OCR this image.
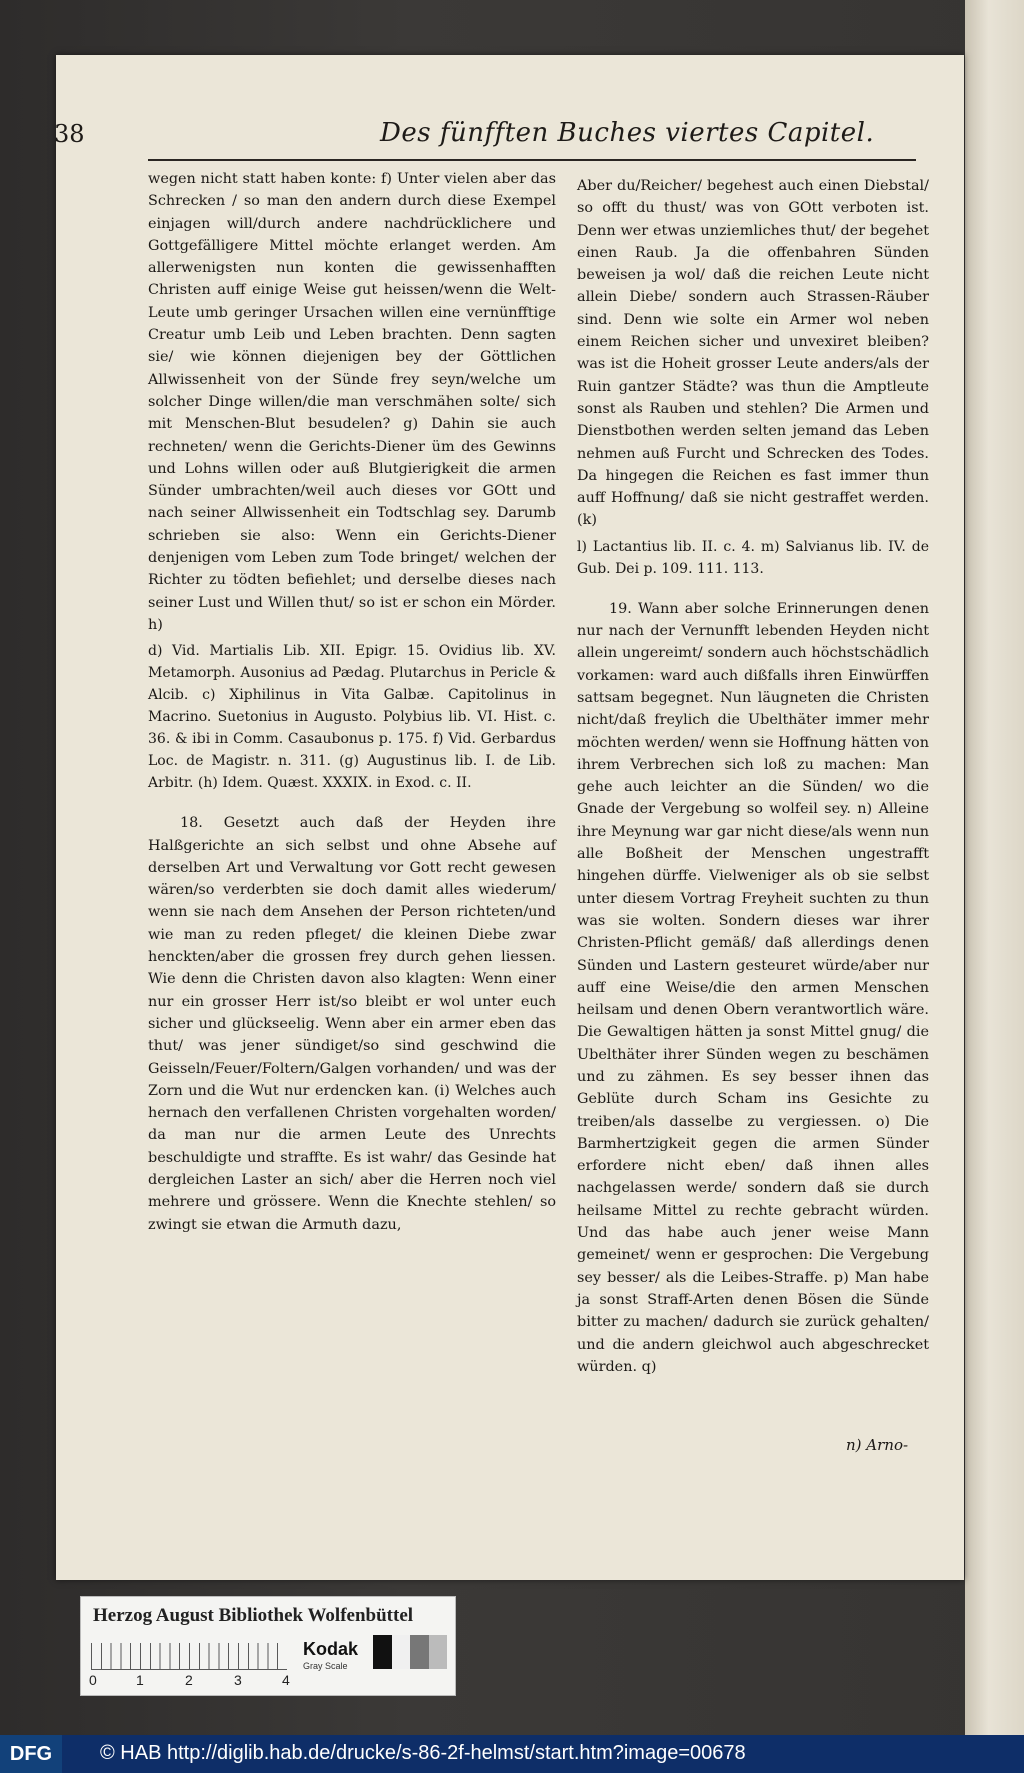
38	Des fünfften Buches viertes Capitel.

wegen nicht statt haben konte: f) Unter vielen aber das Schrecken / so man den andern durch diese Exempel einjagen will/durch andere nachdrücklichere und Gottgefälligere Mittel möchte erlanget werden. Am allerwenigsten nun konten die gewissenhafften Christen auff einige Weise gut heissen/wenn die Welt-Leute umb geringer Ursachen willen eine vernünfftige Creatur umb Leib und Leben brachten. Denn sagten sie/ wie können diejenigen bey der Göttlichen Allwissenheit von der Sünde frey seyn/welche um solcher Dinge willen/die man verschmähen solte/ sich mit Menschen-Blut besudelen? g) Dahin sie auch rechneten/ wenn die Gerichts-Diener üm des Gewinns und Lohns willen oder auß Blutgierigkeit die armen Sünder umbrachten/weil auch dieses vor GOtt und nach seiner Allwissenheit ein Todtschlag sey. Darumb schrieben sie also: Wenn ein Gerichts-Diener denjenigen vom Leben zum Tode bringet/ welchen der Richter zu tödten befiehlet; und derselbe dieses nach seiner Lust und Willen thut/ so ist er schon ein Mörder. h)

d) Vid. Martialis Lib. XII. Epigr. 15. Ovidius lib. XV. Metamorph. Ausonius ad Pædag. Plutarchus in Pericle & Alcib. c) Xiphilinus in Vita Galbæ. Capitolinus in Macrino. Suetonius in Augusto. Polybius lib. VI. Hist. c. 36. & ibi in Comm. Casaubonus p. 175. f) Vid. Gerbardus Loc. de Magistr. n. 311. (g) Augustinus lib. I. de Lib. Arbitr. (h) Idem. Quæst. XXXIX. in Exod. c. II.

18. Gesetzt auch daß der Heyden ihre Halßgerichte an sich selbst und ohne Absehe auf derselben Art und Verwaltung vor Gott recht gewesen wären/so verderbten sie doch damit alles wiederum/ wenn sie nach dem Ansehen der Person richteten/und wie man zu reden pfleget/ die kleinen Diebe zwar henckten/aber die grossen frey durch gehen liessen. Wie denn die Christen davon also klagten: Wenn einer nur ein grosser Herr ist/so bleibt er wol unter euch sicher und glückseelig. Wenn aber ein armer eben das thut/ was jener sündiget/so sind geschwind die Geisseln/Feuer/Foltern/Galgen vorhanden/ und was der Zorn und die Wut nur erdencken kan. (i) Welches auch hernach den verfallenen Christen vorgehalten worden/ da man nur die armen Leute des Unrechts beschuldigte und straffte. Es ist wahr/ das Gesinde hat dergleichen Laster an sich/ aber die Herren noch viel mehrere und grössere. Wenn die Knechte stehlen/ so zwingt sie etwan die Armuth dazu,

Aber du/Reicher/ begehest auch einen Diebstal/ so offt du thust/ was von GOtt verboten ist. Denn wer etwas unziemliches thut/ der begehet einen Raub. Ja die offenbahren Sünden beweisen ja wol/ daß die reichen Leute nicht allein Diebe/ sondern auch Strassen-Räuber sind. Denn wie solte ein Armer wol neben einem Reichen sicher und unvexiret bleiben? was ist die Hoheit grosser Leute anders/als der Ruin gantzer Städte? was thun die Amptleute sonst als Rauben und stehlen? Die Armen und Dienstbothen werden selten jemand das Leben nehmen auß Furcht und Schrecken des Todes. Da hingegen die Reichen es fast immer thun auff Hoffnung/ daß sie nicht gestraffet werden. (k)

l) Lactantius lib. II. c. 4. m) Salvianus lib. IV. de Gub. Dei p. 109. 111. 113.

19. Wann aber solche Erinnerungen denen nur nach der Vernunfft lebenden Heyden nicht allein ungereimt/ sondern auch höchstschädlich vorkamen: ward auch dißfalls ihren Einwürffen sattsam begegnet. Nun läugneten die Christen nicht/daß freylich die Ubelthäter immer mehr möchten werden/ wenn sie Hoffnung hätten von ihrem Verbrechen sich loß zu machen: Man gehe auch leichter an die Sünden/ wo die Gnade der Vergebung so wolfeil sey. n) Alleine ihre Meynung war gar nicht diese/als wenn nun alle Boßheit der Menschen ungestrafft hingehen dürffe. Vielweniger als ob sie selbst unter diesem Vortrag Freyheit suchten zu thun was sie wolten. Sondern dieses war ihrer Christen-Pflicht gemäß/ daß allerdings denen Sünden und Lastern gesteuret würde/aber nur auff eine Weise/die den armen Menschen heilsam und denen Obern verantwortlich wäre. Die Gewaltigen hätten ja sonst Mittel gnug/ die Ubelthäter ihrer Sünden wegen zu beschämen und zu zähmen. Es sey besser ihnen das Geblüte durch Scham ins Gesichte zu treiben/als dasselbe zu vergiessen. o) Die Barmhertzigkeit gegen die armen Sünder erfordere nicht eben/ daß ihnen alles nachgelassen werde/ sondern daß sie durch heilsame Mittel zu rechte gebracht würden. Und das habe auch jener weise Mann gemeinet/ wenn er gesprochen: Die Vergebung sey besser/ als die Leibes-Straffe. p) Man habe ja sonst Straff-Arten denen Bösen die Sünde bitter zu machen/ dadurch sie zurück gehalten/ und die andern gleichwol auch abgeschrecket würden. q)

n) Arno-
Herzog August Bibliothek Wolfenbüttel
0	1	2	3	4
Kodak
Gray Scale
DFG	© HAB http://diglib.hab.de/drucke/s-86-2f-helmst/start.htm?image=00678
